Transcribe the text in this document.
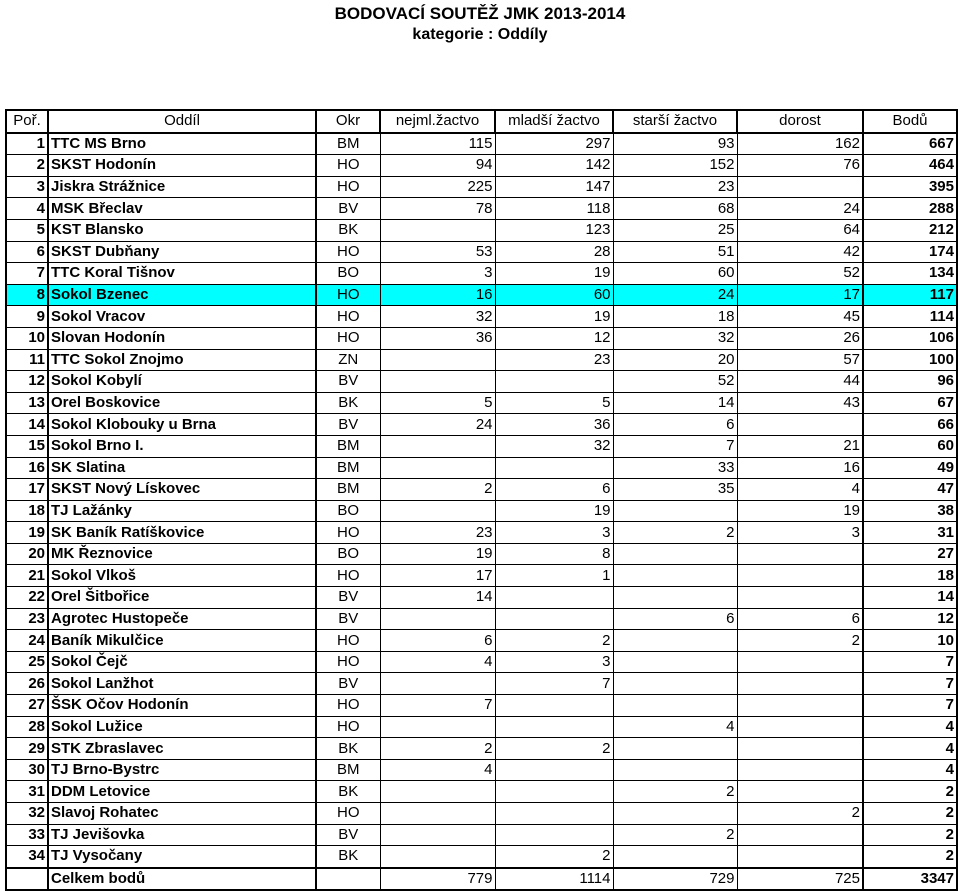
BODOVACÍ SOUTĚŽ JMK 2013-2014
kategorie : Oddíly
Poř.	Oddíl	Okr	nejml.žactvo	mladší žactvo	starší žactvo	dorost	Bodů
1	TTC MS Brno	BM	115	297	93	162	667
2	SKST Hodonín	HO	94	142	152	76	464
3	Jiskra Strážnice	HO	225	147	23		395
4	MSK Břeclav	BV	78	118	68	24	288
5	KST Blansko	BK		123	25	64	212
6	SKST Dubňany	HO	53	28	51	42	174
7	TTC Koral Tišnov	BO	3	19	60	52	134
8	Sokol Bzenec	HO	16	60	24	17	117
9	Sokol Vracov	HO	32	19	18	45	114
10	Slovan Hodonín	HO	36	12	32	26	106
11	TTC Sokol Znojmo	ZN		23	20	57	100
12	Sokol Kobylí	BV			52	44	96
13	Orel Boskovice	BK	5	5	14	43	67
14	Sokol Klobouky u Brna	BV	24	36	6		66
15	Sokol Brno I.	BM		32	7	21	60
16	SK Slatina	BM			33	16	49
17	SKST Nový Lískovec	BM	2	6	35	4	47
18	TJ Lažánky	BO		19		19	38
19	SK Baník Ratíškovice	HO	23	3	2	3	31
20	MK Řeznovice	BO	19	8			27
21	Sokol Vlkoš	HO	17	1			18
22	Orel Šitbořice	BV	14				14
23	Agrotec Hustopeče	BV			6	6	12
24	Baník Mikulčice	HO	6	2		2	10
25	Sokol Čejč	HO	4	3			7
26	Sokol Lanžhot	BV		7			7
27	ŠSK Očov Hodonín	HO	7				7
28	Sokol Lužice	HO			4		4
29	STK Zbraslavec	BK	2	2			4
30	TJ Brno-Bystrc	BM	4				4
31	DDM Letovice	BK			2		2
32	Slavoj Rohatec	HO				2	2
33	TJ Jevišovka	BV			2		2
34	TJ Vysočany	BK		2			2
	Celkem bodů		779	1114	729	725	3347
